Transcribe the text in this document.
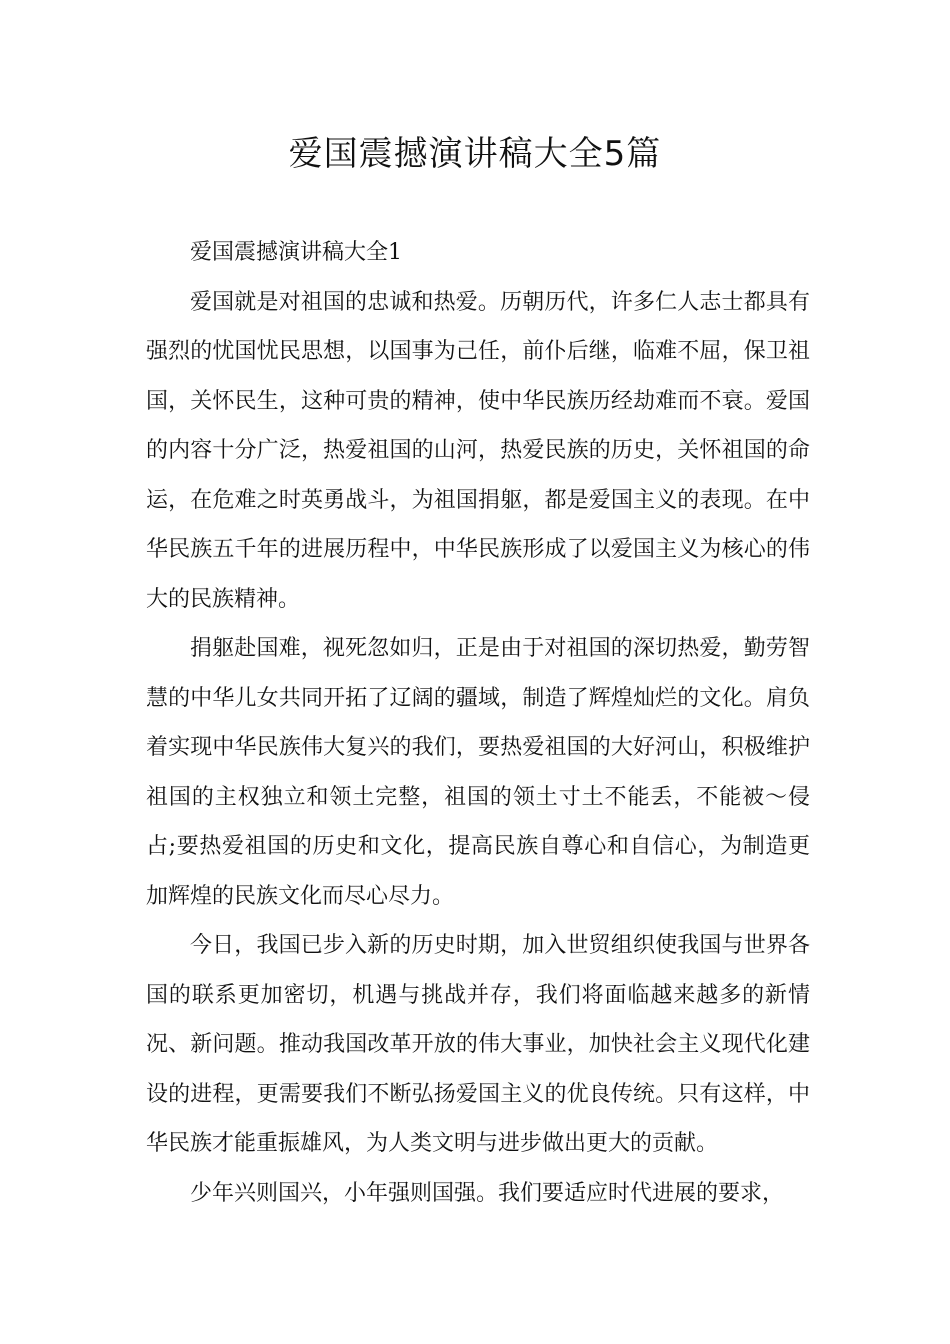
爱国震撼演讲稿大全5篇

爱国震撼演讲稿大全1

爱国就是对祖国的忠诚和热爱。历朝历代，许多仁人志士都具有强烈的忧国忧民思想，以国事为己任，前仆后继，临难不屈，保卫祖国，关怀民生，这种可贵的精神，使中华民族历经劫难而不衰。爱国的内容十分广泛，热爱祖国的山河，热爱民族的历史，关怀祖国的命运，在危难之时英勇战斗，为祖国捐躯，都是爱国主义的表现。在中华民族五千年的进展历程中，中华民族形成了以爱国主义为核心的伟大的民族精神。

捐躯赴国难，视死忽如归，正是由于对祖国的深切热爱，勤劳智慧的中华儿女共同开拓了辽阔的疆域，制造了辉煌灿烂的文化。肩负着实现中华民族伟大复兴的我们，要热爱祖国的大好河山，积极维护祖国的主权独立和领土完整，祖国的领土寸土不能丢，不能被～侵占;要热爱祖国的历史和文化，提高民族自尊心和自信心，为制造更加辉煌的民族文化而尽心尽力。

今日，我国已步入新的历史时期，加入世贸组织使我国与世界各国的联系更加密切，机遇与挑战并存，我们将面临越来越多的新情况、新问题。推动我国改革开放的伟大事业，加快社会主义现代化建设的进程，更需要我们不断弘扬爱国主义的优良传统。只有这样，中华民族才能重振雄风，为人类文明与进步做出更大的贡献。

少年兴则国兴，小年强则国强。我们要适应时代进展的要求，
